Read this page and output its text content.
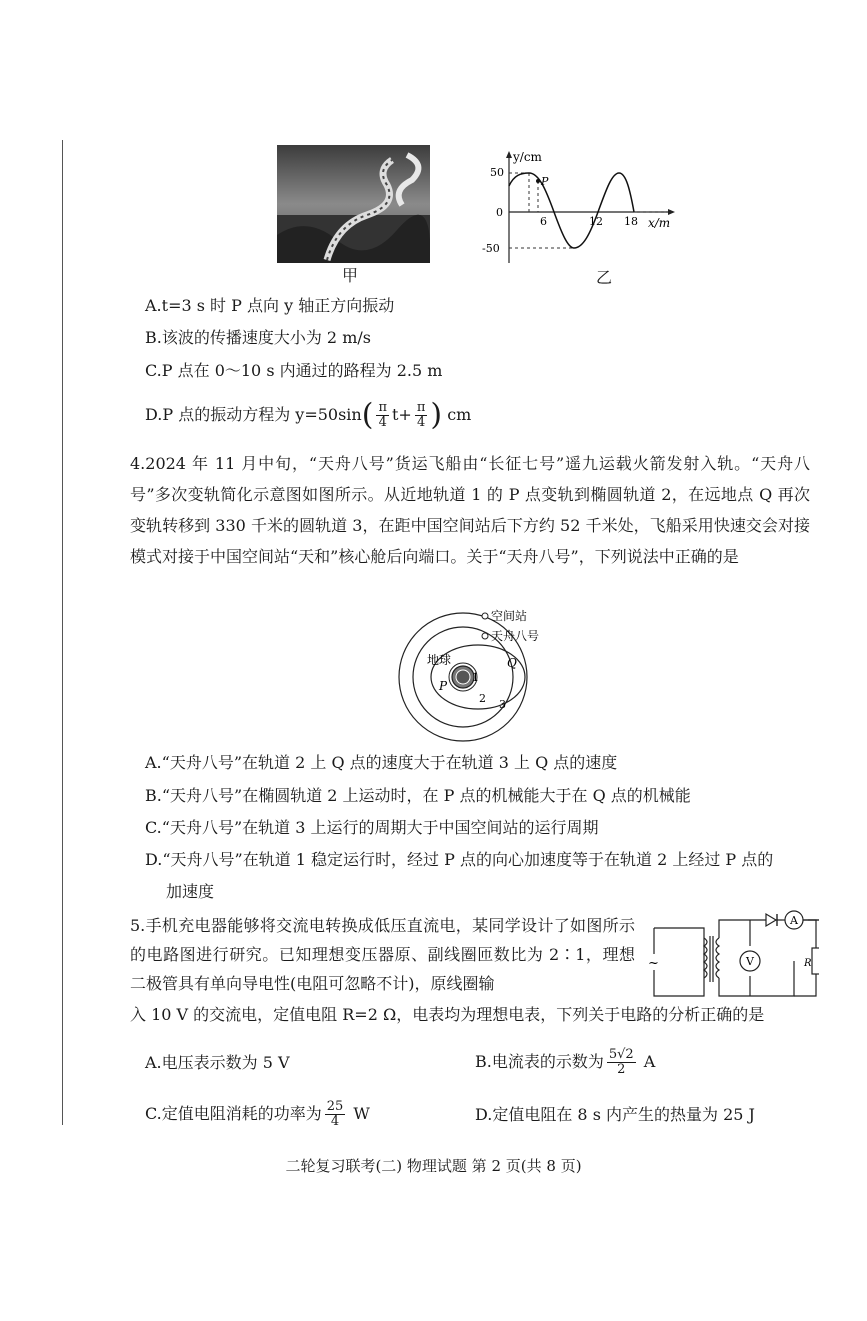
甲
y/cm
x/m
50
0
-50
6	12 18
P
乙
A.t=3 s 时 P 点向 y 轴正方向振动
B.该波的传播速度大小为 2 m/s
C.P 点在 0～10 s 内通过的路程为 2.5 m
D.P 点的振动方程为 $y=50\sin( \frac{\pi}{4} t+ \frac{\pi}{4}$ ) cm
4.2024 年 11 月中旬，“天舟八号”货运飞船由“长征七号”遥九运载火箭发射入轨。“天舟八号”多次变轨简化示意图如图所示。从近地轨道 1 的 P 点变轨到椭圆轨道 2，在远地点 Q 再次变轨转移到 330 千米的圆轨道 3，在距中国空间站后下方约 52 千米处，飞船采用快速交会对接模式对接于中国空间站“天和”核心舱后向端口。关于“天舟八号”，下列说法中正确的是
空间站
天舟八号
地球
P
Q
1
2 3
A.“天舟八号”在轨道 2 上 Q 点的速度大于在轨道 3 上 Q 点的速度
B.“天舟八号”在椭圆轨道 2 上运动时，在 P 点的机械能大于在 Q 点的机械能
C.“天舟八号”在轨道 3 上运行的周期大于中国空间站的运行周期
D.“天舟八号”在轨道 1 稳定运行时，经过 P 点的向心加速度等于在轨道 2 上经过 P 点的
加速度
5.手机充电器能够将交流电转换成低压直流电，某同学设计了如图所示的电路图进行研究。已知理想变压器原、副线圈匝数比为 2∶1，理想二极管具有单向导电性(电阻可忽略不计)，原线圈输
入 10 V 的交流电，定值电阻 R=2 Ω，电表均为理想电表，下列关于电路的分析正确的是
~
A
V	R
A.电压表示数为 5 V	B.电流表的示数为 $\frac{5√2}{2}$ A
C.定值电阻消耗的功率为 $\frac{25}{4}$ W	D.定值电阻在 8 s 内产生的热量为 25 J
二轮复习联考(二) 物理试题 第 2 页(共 8 页)
